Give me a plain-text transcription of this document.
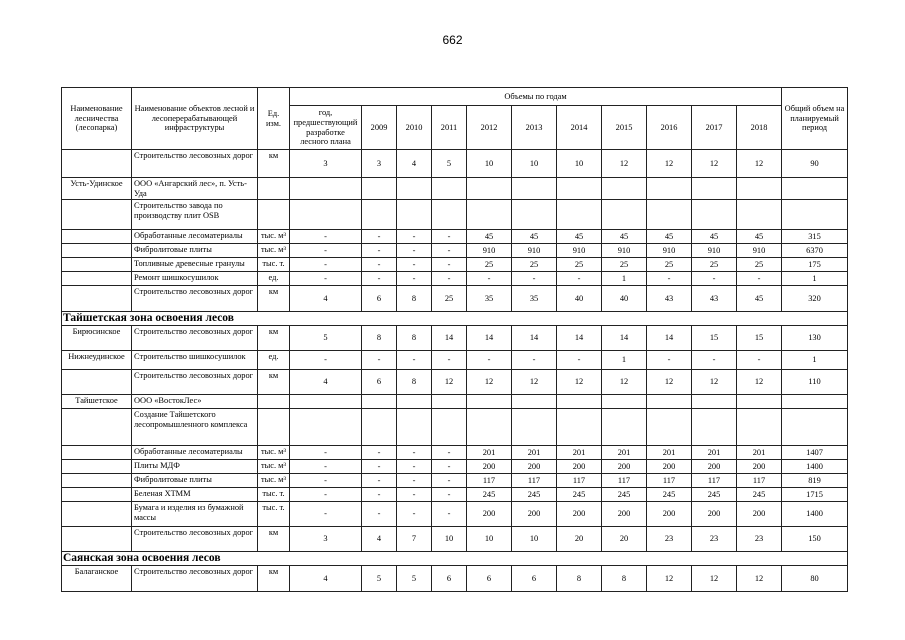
662
Наименование лесничества (лесопарка)	Наименование объектов лесной и лесоперерабатывающей инфраструктуры	Ед. изм.	Объемы по годам											Общий объем на планируемый период
			год, предшествующий разработке лесного плана	2009	2010	2011	2012	2013	2014	2015	2016	2017	2018	
	Строительство лесовозных дорог	км	3	3	4	5	10	10	10	12	12	12	12	90
Усть-Удинское	ООО «Ангарский лес», п. Усть-Уда													
	Строительство завода по производству плит OSB													
	Обработанные лесоматериалы	тыс. м³	-	-	-	-	45	45	45	45	45	45	45	315
	Фибролитовые плиты	тыс. м³	-	-	-	-	910	910	910	910	910	910	910	6370
	Топливные древесные гранулы	тыс. т.	-	-	-	-	25	25	25	25	25	25	25	175
	Ремонт шишкосушилок	ед.	-	-	-	-	-	-	-	1	-	-	-	1
	Строительство лесовозных дорог	км	4	6	8	25	35	35	40	40	43	43	45	320
Тайшетская зона освоения лесов														
Бирюсинское	Строительство лесовозных дорог	км	5	8	8	14	14	14	14	14	14	15	15	130
Нижнеудинское	Строительство шишкосушилок	ед.	-	-	-	-	-	-	-	1	-	-	-	1
	Строительство лесовозных дорог	км	4	6	8	12	12	12	12	12	12	12	12	110
Тайшетское	ООО «ВостокЛес»													
	Создание Тайшетского лесопромышленного комплекса													
	Обработанные лесоматериалы	тыс. м³	-	-	-	-	201	201	201	201	201	201	201	1407
	Плиты МДФ	тыс. м³	-	-	-	-	200	200	200	200	200	200	200	1400
	Фибролитовые плиты	тыс. м³	-	-	-	-	117	117	117	117	117	117	117	819
	Беленая ХТММ	тыс. т.	-	-	-	-	245	245	245	245	245	245	245	1715
	Бумага и изделия из бумажной массы	тыс. т.	-	-	-	-	200	200	200	200	200	200	200	1400
	Строительство лесовозных дорог	км	3	4	7	10	10	10	20	20	23	23	23	150
Саянская зона освоения лесов														
Балаганское	Строительство лесовозных дорог	км	4	5	5	6	6	6	8	8	12	12	12	80
